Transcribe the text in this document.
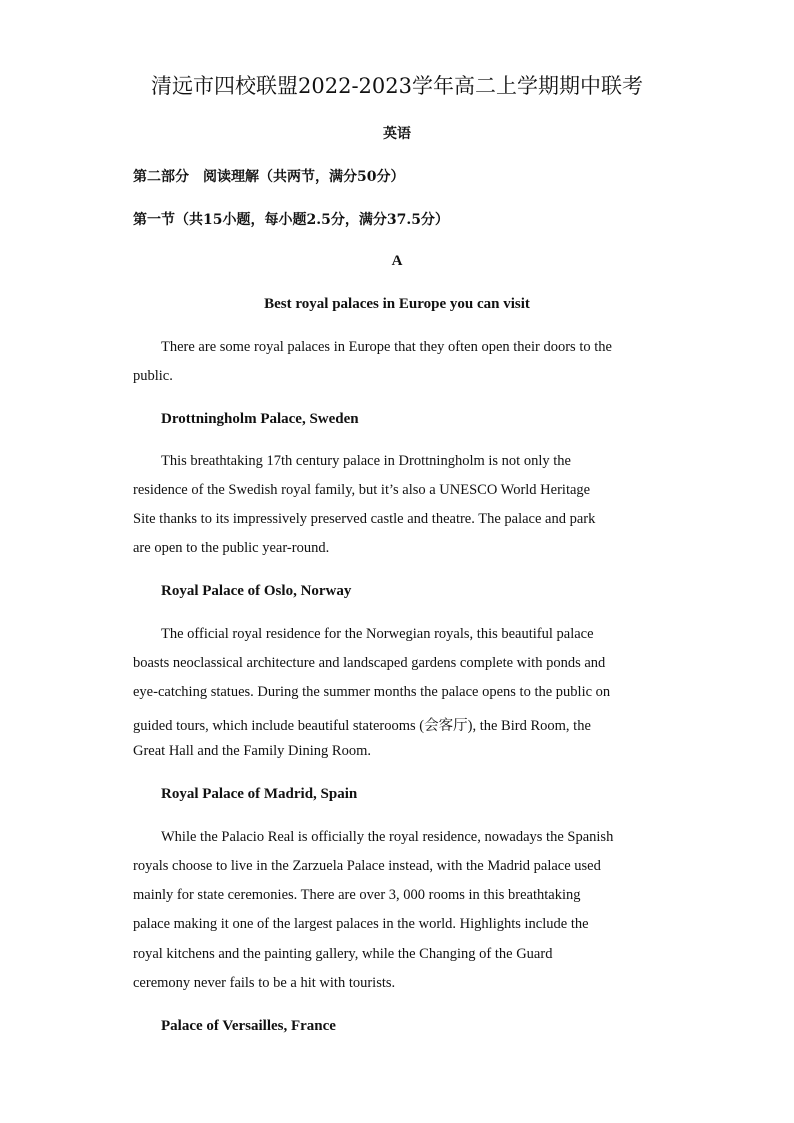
清远市四校联盟2022-2023学年高二上学期期中联考
英语
第二部分　阅读理解（共两节，满分50分）
第一节（共15小题，每小题2.5分，满分37.5分）
A
Best royal palaces in Europe you can visit
There are some royal palaces in Europe that they often open their doors to the
public.
Drottningholm Palace, Sweden
This breathtaking 17th century palace in Drottningholm is not only the
residence of the Swedish royal family, but it’s also a UNESCO World Heritage
Site thanks to its impressively preserved castle and theatre. The palace and park
are open to the public year-round.
Royal Palace of Oslo, Norway
The official royal residence for the Norwegian royals, this beautiful palace
boasts neoclassical architecture and landscaped gardens complete with ponds and
eye-catching statues. During the summer months the palace opens to the public on
guided tours, which include beautiful staterooms (会客厅), the Bird Room, the
Great Hall and the Family Dining Room.
Royal Palace of Madrid, Spain
While the Palacio Real is officially the royal residence, nowadays the Spanish
royals choose to live in the Zarzuela Palace instead, with the Madrid palace used
mainly for state ceremonies. There are over 3, 000 rooms in this breathtaking
palace making it one of the largest palaces in the world. Highlights include the
royal kitchens and the painting gallery, while the Changing of the Guard
ceremony never fails to be a hit with tourists.
Palace of Versailles, France
